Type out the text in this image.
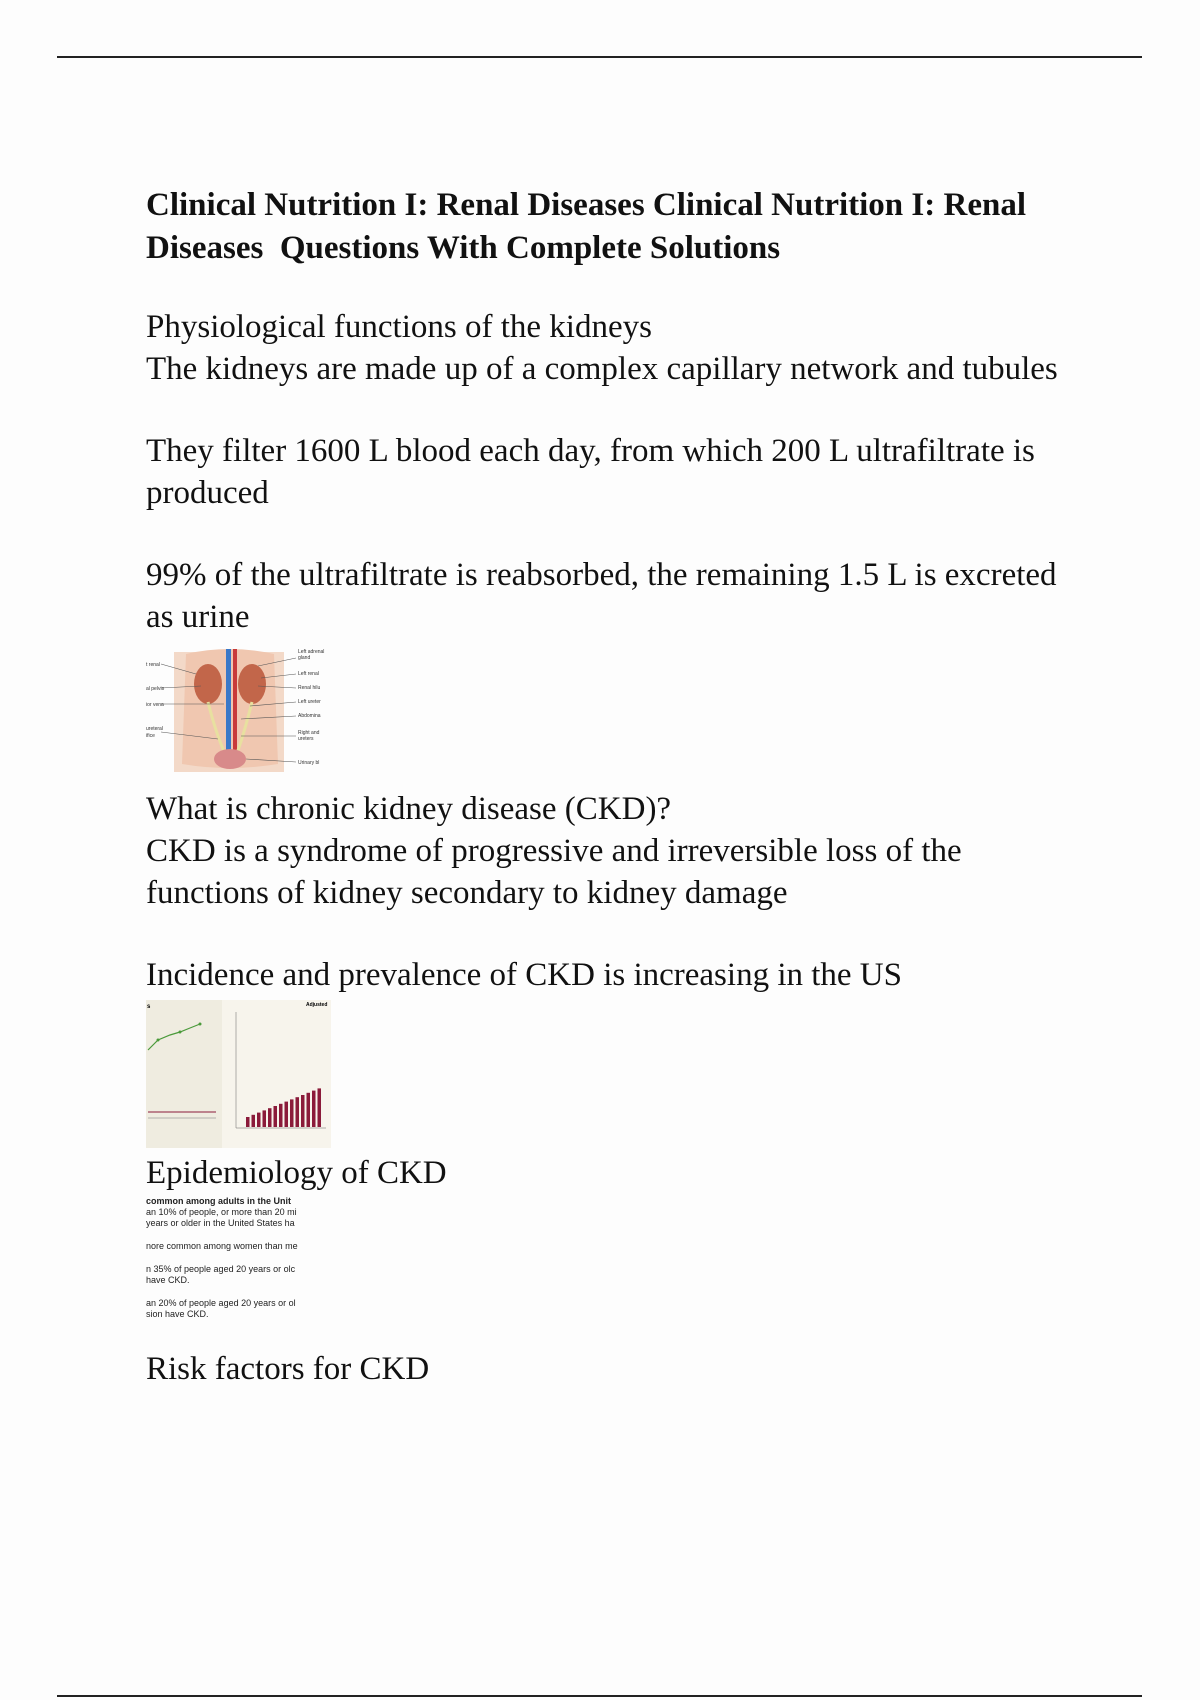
Clinical Nutrition I: Renal Diseases Clinical Nutrition I: Renal Diseases  Questions With Complete Solutions

Physiological functions of the kidneys

The kidneys are made up of a complex capillary network and tubules

They filter 1600 L blood each day, from which 200 L ultrafiltrate is produced

99% of the ultrafiltrate is reabsorbed, the remaining 1.5 L is excreted as urine

t renal
al pelvis
ior vena
ureteral
ifice
Left adrenal
gland
Left renal
Renal hilu
Left ureter
Abdomina
Right and
ureters
Urinary bl

What is chronic kidney disease (CKD)?

CKD is a syndrome of progressive and irreversible loss of the functions of kidney secondary to kidney damage

Incidence and prevalence of CKD is increasing in the US

s	Adjusted

Epidemiology of CKD

common among adults in the Unit
an 10% of people, or more than 20 mi
years or older in the United States ha
nore common among women than me
n 35% of people aged 20 years or olc
have CKD.
an 20% of people aged 20 years or ol
sion have CKD.

Risk factors for CKD
